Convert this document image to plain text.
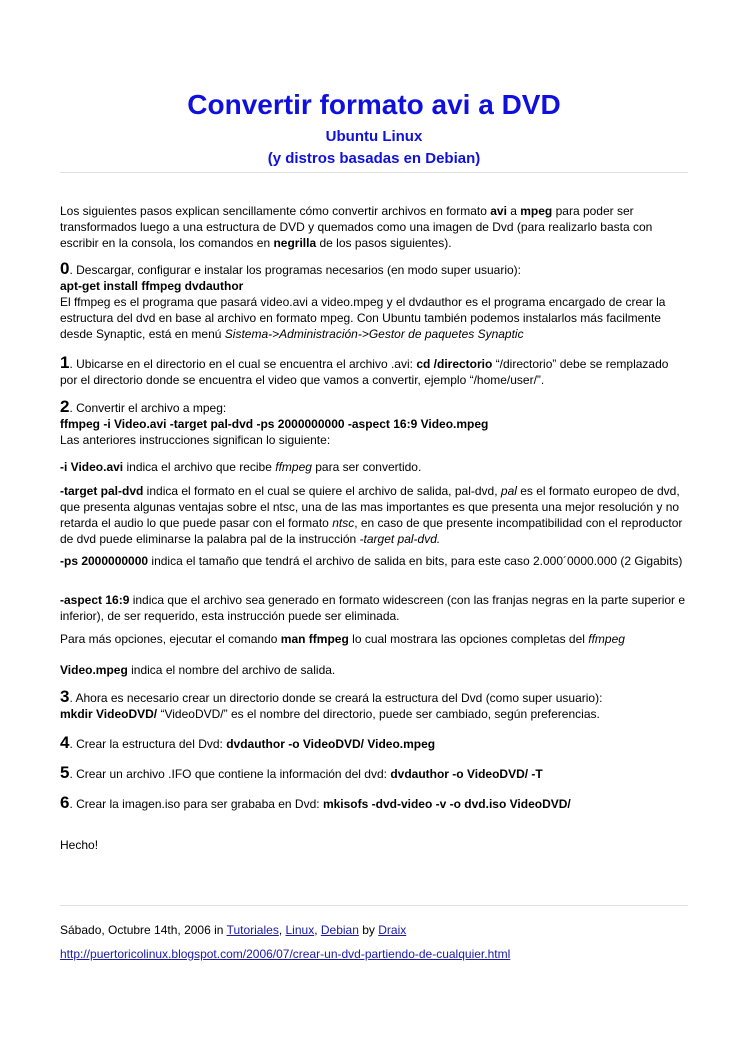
Convertir formato avi a DVD
Ubuntu Linux
(y distros basadas en Debian)

Los siguientes pasos explican sencillamente cómo convertir archivos en formato avi a mpeg para poder ser transformados luego a una estructura de DVD y quemados como una imagen de Dvd (para realizarlo basta con escribir en la consola, los comandos en negrilla de los pasos siguientes).

0. Descargar, configurar e instalar los programas necesarios (en modo super usuario):

apt-get install ffmpeg dvdauthor

El ffmpeg es el programa que pasará video.avi a video.mpeg y el dvdauthor es el programa encargado de crear la estructura del dvd en base al archivo en formato mpeg. Con Ubuntu también podemos instalarlos más facilmente desde Synaptic, está en menú Sistema->Administración->Gestor de paquetes Synaptic

1. Ubicarse en el directorio en el cual se encuentra el archivo .avi: cd /directorio “/directorio” debe se remplazado por el directorio donde se encuentra el video que vamos a convertir, ejemplo “/home/user/”.

2. Convertir el archivo a mpeg:

ffmpeg -i Video.avi -target pal-dvd -ps 2000000000 -aspect 16:9 Video.mpeg

Las anteriores instrucciones significan lo siguiente:

-i Video.avi indica el archivo que recibe ffmpeg para ser convertido.

-target pal-dvd indica el formato en el cual se quiere el archivo de salida, pal-dvd, pal es el formato europeo de dvd, que presenta algunas ventajas sobre el ntsc, una de las mas importantes es que presenta una mejor resolución y no retarda el audio lo que puede pasar con el formato ntsc, en caso de que presente incompatibilidad con el reproductor de dvd puede eliminarse la palabra pal de la instrucción -target pal-dvd.

-ps 2000000000 indica el tamaño que tendrá el archivo de salida en bits, para este caso 2.000´0000.000 (2 Gigabits)

-aspect 16:9 indica que el archivo sea generado en formato widescreen (con las franjas negras en la parte superior e inferior), de ser requerido, esta instrucción puede ser eliminada.

Para más opciones, ejecutar el comando man ffmpeg lo cual mostrara las opciones completas del ffmpeg

Video.mpeg indica el nombre del archivo de salida.

3. Ahora es necesario crear un directorio donde se creará la estructura del Dvd (como super usuario):

mkdir VideoDVD/ “VideoDVD/” es el nombre del directorio, puede ser cambiado, según preferencias.

4. Crear la estructura del Dvd: dvdauthor -o VideoDVD/ Video.mpeg

5. Crear un archivo .IFO que contiene la información del dvd: dvdauthor -o VideoDVD/ -T

6. Crear la imagen.iso para ser grababa en Dvd: mkisofs -dvd-video -v -o dvd.iso VideoDVD/

Hecho!

Sábado, Octubre 14th, 2006 in Tutoriales, Linux, Debian by Draix

http://puertoricolinux.blogspot.com/2006/07/crear-un-dvd-partiendo-de-cualquier.html
